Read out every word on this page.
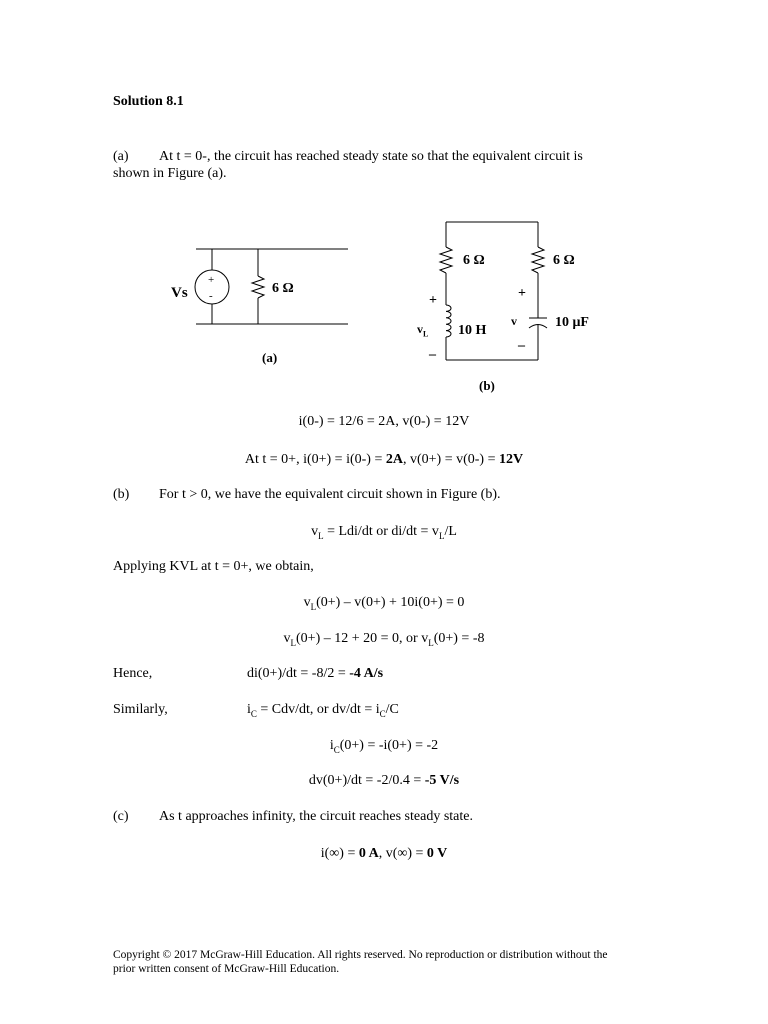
Solution 8.1
(a) At t = 0-, the circuit has reached steady state so that the equivalent circuit is
shown in Figure (a).
Vs
+
-	6 Ω
(a)
6 Ω	6 Ω
+
$v_L$ 10 H
–
+
v
–
10 μF
(b)
i(0-) = 12/6 = 2A, v(0-) = 12V
At t = 0+, i(0+) = i(0-) = 2A, v(0+) = v(0-) = 12V
(b) For t > 0, we have the equivalent circuit shown in Figure (b).
$v_L = Ldi/dt$ or $di/dt = v_L/L$
Applying KVL at t = 0+, we obtain,
$v_L(0+) - v(0+) + 10i(0+) = 0$
$v_L(0+) - 12 + 20 = 0$, or $v_L(0+) = -8$
Hence,	di(0+)/dt = -8/2 = -4 A/s
Similarly,	$i_C = Cdv/dt$, or $dv/dt = i_C/C$
$i_C(0+) = -i(0+) = -2$
dv(0+)/dt = -2/0.4 = -5 V/s
(c) As t approaches infinity, the circuit reaches steady state.
i(∞) = 0 A, v(∞) = 0 V
Copyright © 2017 McGraw-Hill Education. All rights reserved. No reproduction or distribution without the
prior written consent of McGraw-Hill Education.
